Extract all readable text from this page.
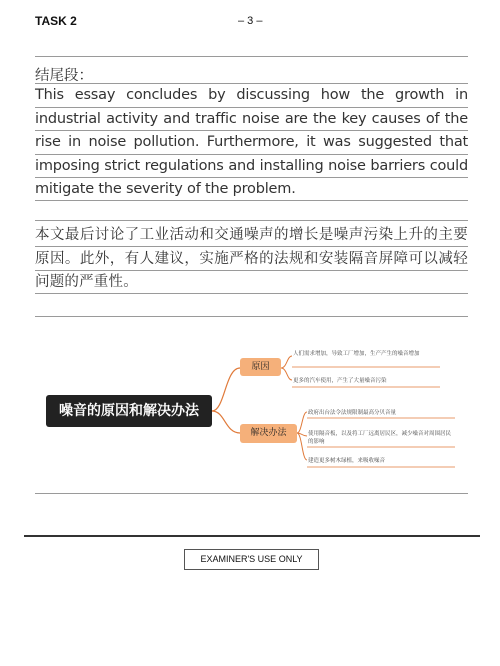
TASK 2	– 3 –
结尾段：
This essay concludes by discussing how the growth in industrial activity and traffic noise are the key causes of the rise in noise pollution. Furthermore, it was suggested that imposing strict regulations and installing noise barriers could mitigate the severity of the problem.
本文最后讨论了工业活动和交通噪声的增长是噪声污染上升的主要原因。此外，有人建议，实施严格的法规和安装隔音屏障可以减轻问题的严重性。
噪音的原因和解决办法
原因
解决办法
人们需求增加，导致工厂增加，生产产生的噪音增加
更多的汽车使用，产生了大量噪音污染
政府出台法令法规限制最高分贝音量
使用隔音板，以及将工厂远离居民区，减少噪音对周围居民的影响
建造更多树木绿植，来吸收噪音
EXAMINER'S USE ONLY
